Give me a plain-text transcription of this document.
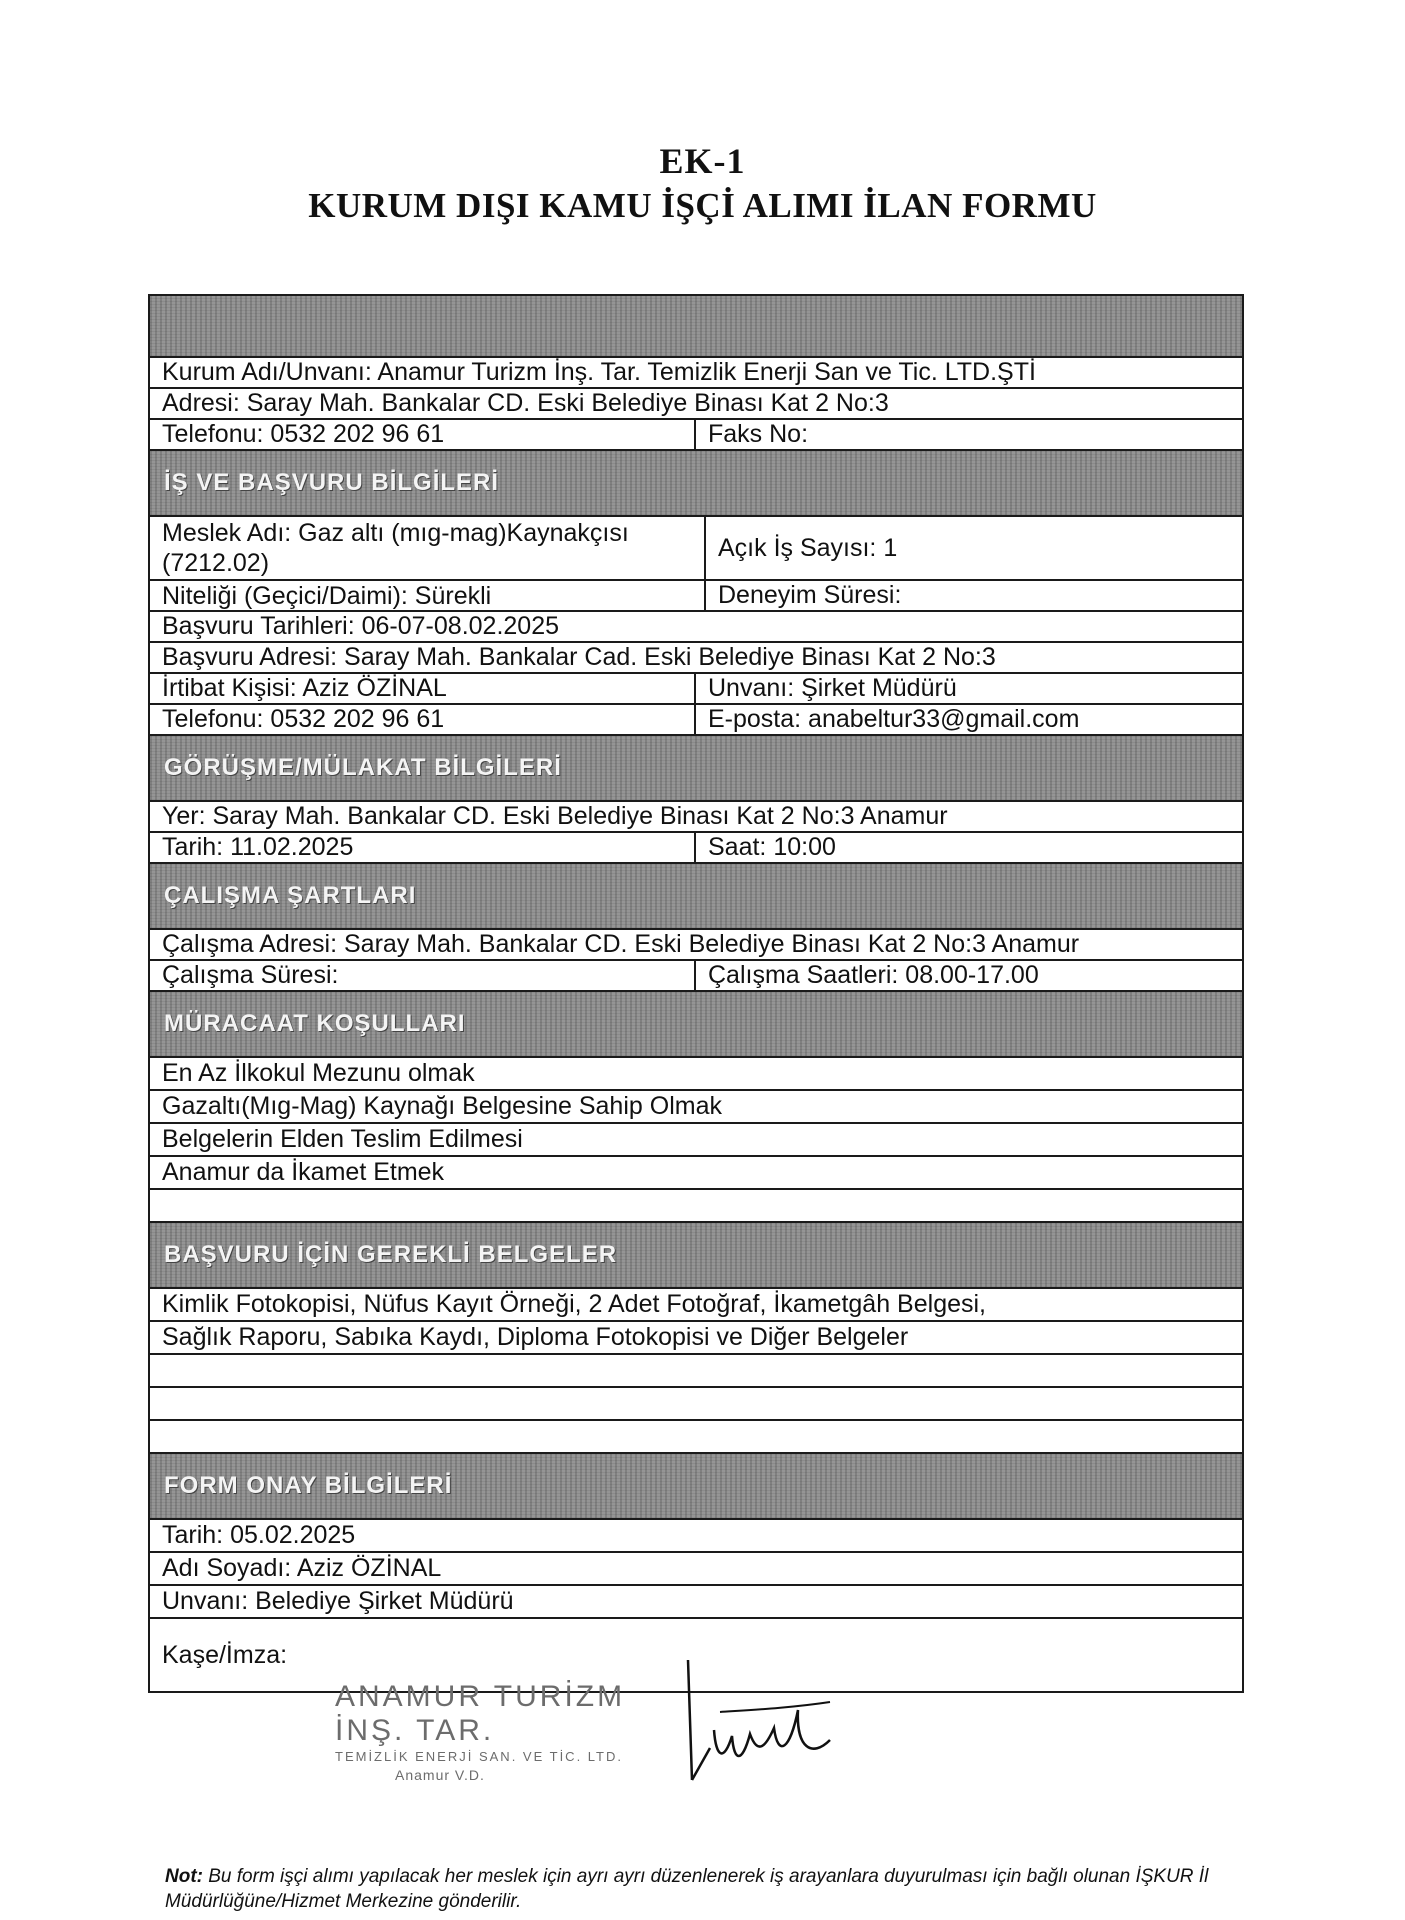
EK-1
KURUM DIŞI KAMU İŞÇİ ALIMI İLAN FORMU
Kurum Adı/Unvanı: Anamur Turizm İnş. Tar. Temizlik Enerji San ve Tic. LTD.ŞTİ
Adresi: Saray Mah. Bankalar CD. Eski Belediye Binası Kat 2 No:3
Telefonu: 0532 202 96 61	Faks No:
İŞ VE BAŞVURU BİLGİLERİ
Meslek Adı: Gaz altı (mıg-mag)Kaynakçısı (7212.02)
Açık İş Sayısı: 1
Niteliği (Geçici/Daimi): Sürekli	Deneyim Süresi:
Başvuru Tarihleri: 06-07-08.02.2025
Başvuru Adresi: Saray Mah. Bankalar Cad. Eski Belediye Binası Kat 2 No:3
İrtibat Kişisi: Aziz ÖZİNAL	Unvanı: Şirket Müdürü
Telefonu: 0532 202 96 61	E-posta: anabeltur33@gmail.com
GÖRÜŞME/MÜLAKAT BİLGİLERİ
Yer: Saray Mah. Bankalar CD. Eski Belediye Binası Kat 2 No:3 Anamur
Tarih: 11.02.2025	Saat: 10:00
ÇALIŞMA ŞARTLARI
Çalışma Adresi: Saray Mah. Bankalar CD. Eski Belediye Binası Kat 2 No:3 Anamur
Çalışma Süresi:	Çalışma Saatleri: 08.00-17.00
MÜRACAAT KOŞULLARI
En Az İlkokul Mezunu olmak
Gazaltı(Mıg-Mag) Kaynağı Belgesine Sahip Olmak
Belgelerin Elden Teslim Edilmesi
Anamur da İkamet Etmek
BAŞVURU İÇİN GEREKLİ BELGELER
Kimlik Fotokopisi, Nüfus Kayıt Örneği, 2 Adet Fotoğraf, İkametgâh Belgesi,
Sağlık Raporu, Sabıka Kaydı, Diploma Fotokopisi ve Diğer Belgeler
FORM ONAY BİLGİLERİ
Tarih: 05.02.2025
Adı Soyadı: Aziz ÖZİNAL
Unvanı: Belediye Şirket Müdürü
Kaşe/İmza:
ANAMUR TURİZM İNŞ. TAR.
TEMİZLİK ENERJİ SAN. VE TİC. LTD.
Anamur V.D.
Not: Bu form işçi alımı yapılacak her meslek için ayrı ayrı düzenlenerek iş arayanlara duyurulması için bağlı olunan İŞKUR İl Müdürlüğüne/Hizmet Merkezine gönderilir.
